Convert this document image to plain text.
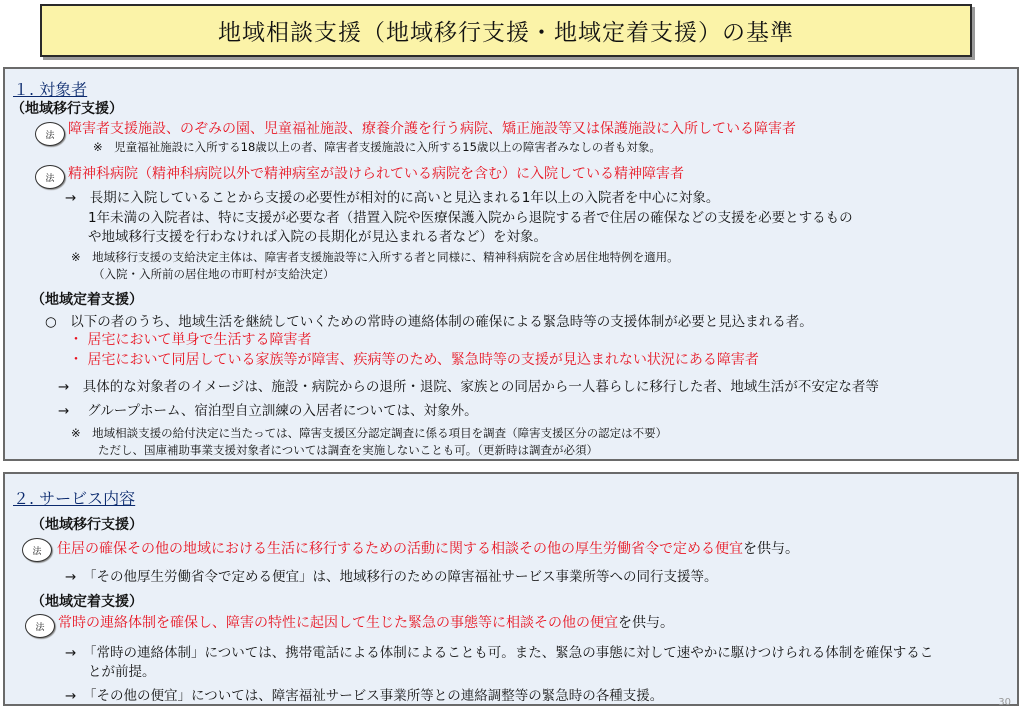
地域相談支援（地域移行支援・地域定着支援）の基準
１. 対象者
（地域移行支援）
法 障害者支援施設、のぞみの園、児童福祉施設、療養介護を行う病院、矯正施設等又は保護施設に入所している障害者
※　児童福祉施設に入所する18歳以上の者、障害者支援施設に入所する15歳以上の障害者みなしの者も対象。
法 精神科病院（精神科病院以外で精神病室が設けられている病院を含む）に入院している精神障害者
→　長期に入院していることから支援の必要性が相対的に高いと見込まれる1年以上の入院者を中心に対象。
1年未満の入院者は、特に支援が必要な者（措置入院や医療保護入院から退院する者で住居の確保などの支援を必要とするもの
や地域移行支援を行わなければ入院の長期化が見込まれる者など）を対象。
※　地域移行支援の支給決定主体は、障害者支援施設等に入所する者と同様に、精神科病院を含め居住地特例を適用。
（入院・入所前の居住地の市町村が支給決定）
（地域定着支援）
○　以下の者のうち、地域生活を継続していくための常時の連絡体制の確保による緊急時等の支援体制が必要と見込まれる者。
・ 居宅において単身で生活する障害者
・ 居宅において同居している家族等が障害、疾病等のため、緊急時等の支援が見込まれない状況にある障害者
→　具体的な対象者のイメージは、施設・病院からの退所・退院、家族との同居から一人暮らしに移行した者、地域生活が不安定な者等
→　 グループホーム、宿泊型自立訓練の入居者については、対象外。
※　地域相談支援の給付決定に当たっては、障害支援区分認定調査に係る項目を調査（障害支援区分の認定は不要）
ただし、国庫補助事業支援対象者については調査を実施しないことも可。（更新時は調査が必須）
２. サービス内容
（地域移行支援）
法 住居の確保その他の地域における生活に移行するための活動に関する相談その他の厚生労働省令で定める便宜を供与。
→　「その他厚生労働省令で定める便宜」は、地域移行のための障害福祉サービス事業所等への同行支援等。
（地域定着支援）
法 常時の連絡体制を確保し、障害の特性に起因して生じた緊急の事態等に相談その他の便宜を供与。
→　「常時の連絡体制」については、携帯電話による体制によることも可。また、緊急の事態に対して速やかに駆けつけられる体制を確保するこ
とが前提。
→　「その他の便宜」については、障害福祉サービス事業所等との連絡調整等の緊急時の各種支援。	30
